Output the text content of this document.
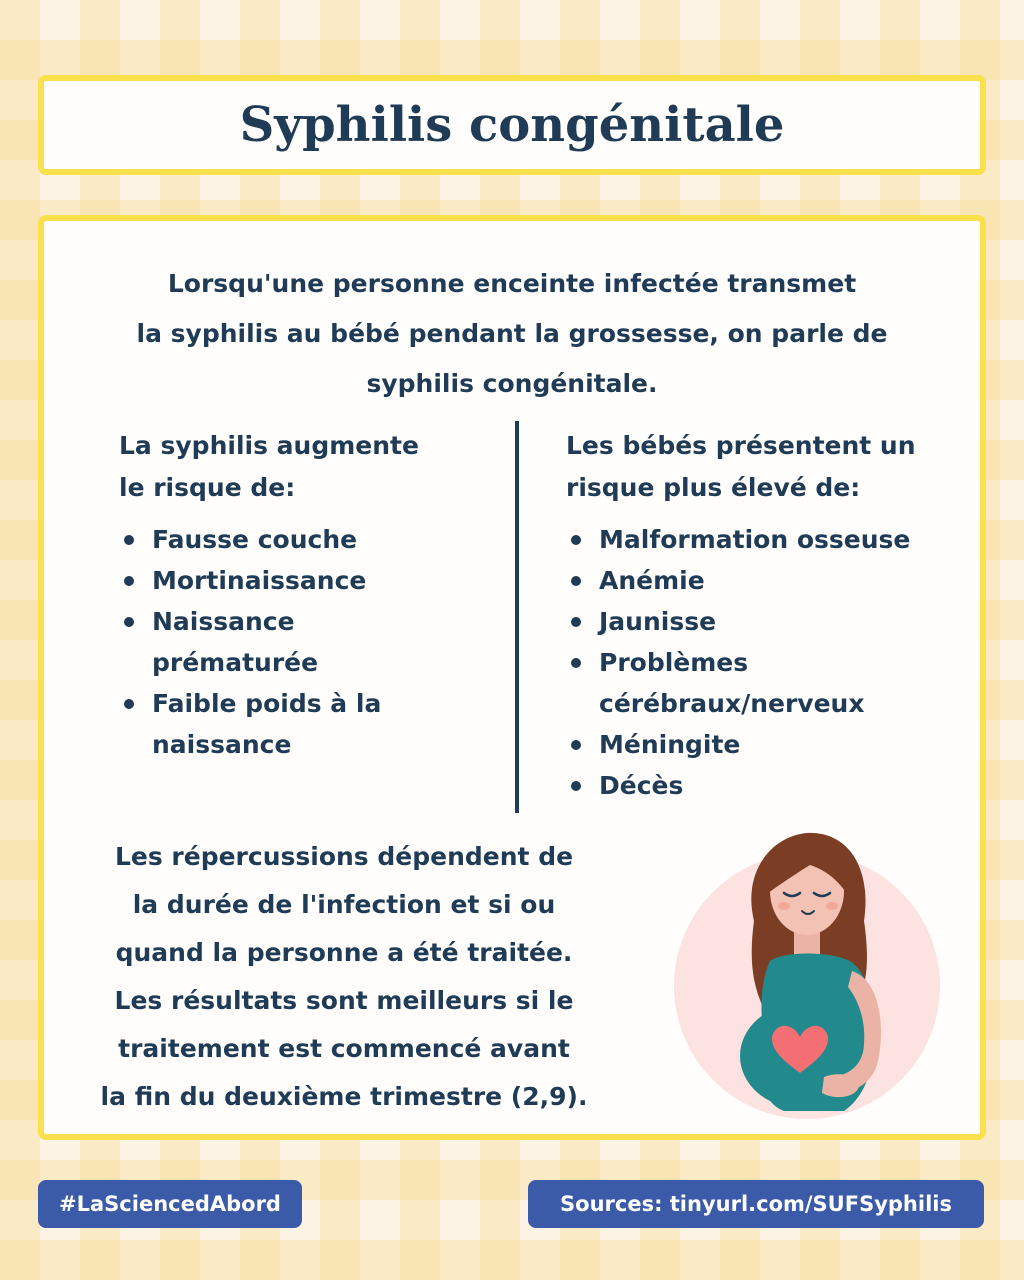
Syphilis congénitale
Lorsqu'une personne enceinte infectée transmet
la syphilis au bébé pendant la grossesse, on parle de
syphilis congénitale.
La syphilis augmente
le risque de:
Fausse couche
Mortinaissance
Naissance
prématurée
Faible poids à la
naissance
Les bébés présentent un
risque plus élevé de:
Malformation osseuse
Anémie
Jaunisse
Problèmes
cérébraux/nerveux
Méningite
Décès
Les répercussions dépendent de
la durée de l'infection et si ou
quand la personne a été traitée.
Les résultats sont meilleurs si le
traitement est commencé avant
la fin du deuxième trimestre (2,9).
#LaSciencedAbord	Sources: tinyurl.com/SUFSyphilis
